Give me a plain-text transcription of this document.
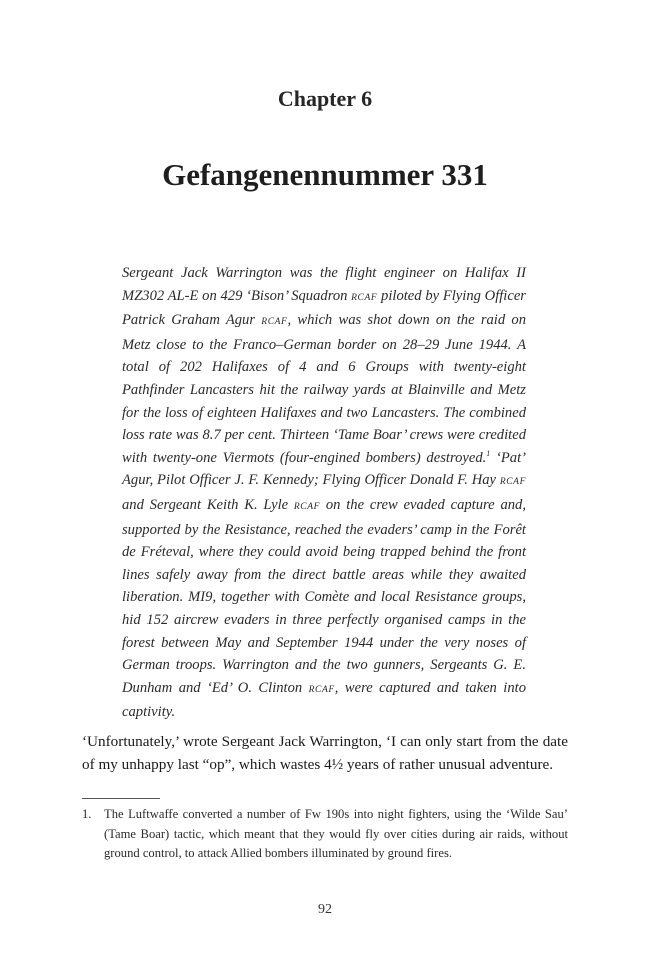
Chapter 6
Gefangenennummer 331
Sergeant Jack Warrington was the flight engineer on Halifax II MZ302 AL-E on 429 ‘Bison’ Squadron RCAF piloted by Flying Officer Patrick Graham Agur RCAF, which was shot down on the raid on Metz close to the Franco–German border on 28–29 June 1944. A total of 202 Halifaxes of 4 and 6 Groups with twenty-eight Pathfinder Lancasters hit the railway yards at Blainville and Metz for the loss of eighteen Halifaxes and two Lancasters. The combined loss rate was 8.7 per cent. Thirteen ‘Tame Boar’ crews were credited with twenty-one Viermots (four-engined bombers) destroyed.$^1$ ‘Pat’ Agur, Pilot Officer J. F. Kennedy; Flying Officer Donald F. Hay RCAF and Sergeant Keith K. Lyle RCAF on the crew evaded capture and, supported by the Resistance, reached the evaders’ camp in the Forêt de Fréteval, where they could avoid being trapped behind the front lines safely away from the direct battle areas while they awaited liberation. MI9, together with Comète and local Resistance groups, hid 152 aircrew evaders in three perfectly organised camps in the forest between May and September 1944 under the very noses of German troops. Warrington and the two gunners, Sergeants G. E. Dunham and ‘Ed’ O. Clinton RCAF, were captured and taken into captivity.
‘Unfortunately,’ wrote Sergeant Jack Warrington, ‘I can only start from the date of my unhappy last “op”, which wastes 4½ years of rather unusual adventure.
1. The Luftwaffe converted a number of Fw 190s into night fighters, using the ‘Wilde Sau’ (Tame Boar) tactic, which meant that they would fly over cities during air raids, without ground control, to attack Allied bombers illuminated by ground fires.
92
